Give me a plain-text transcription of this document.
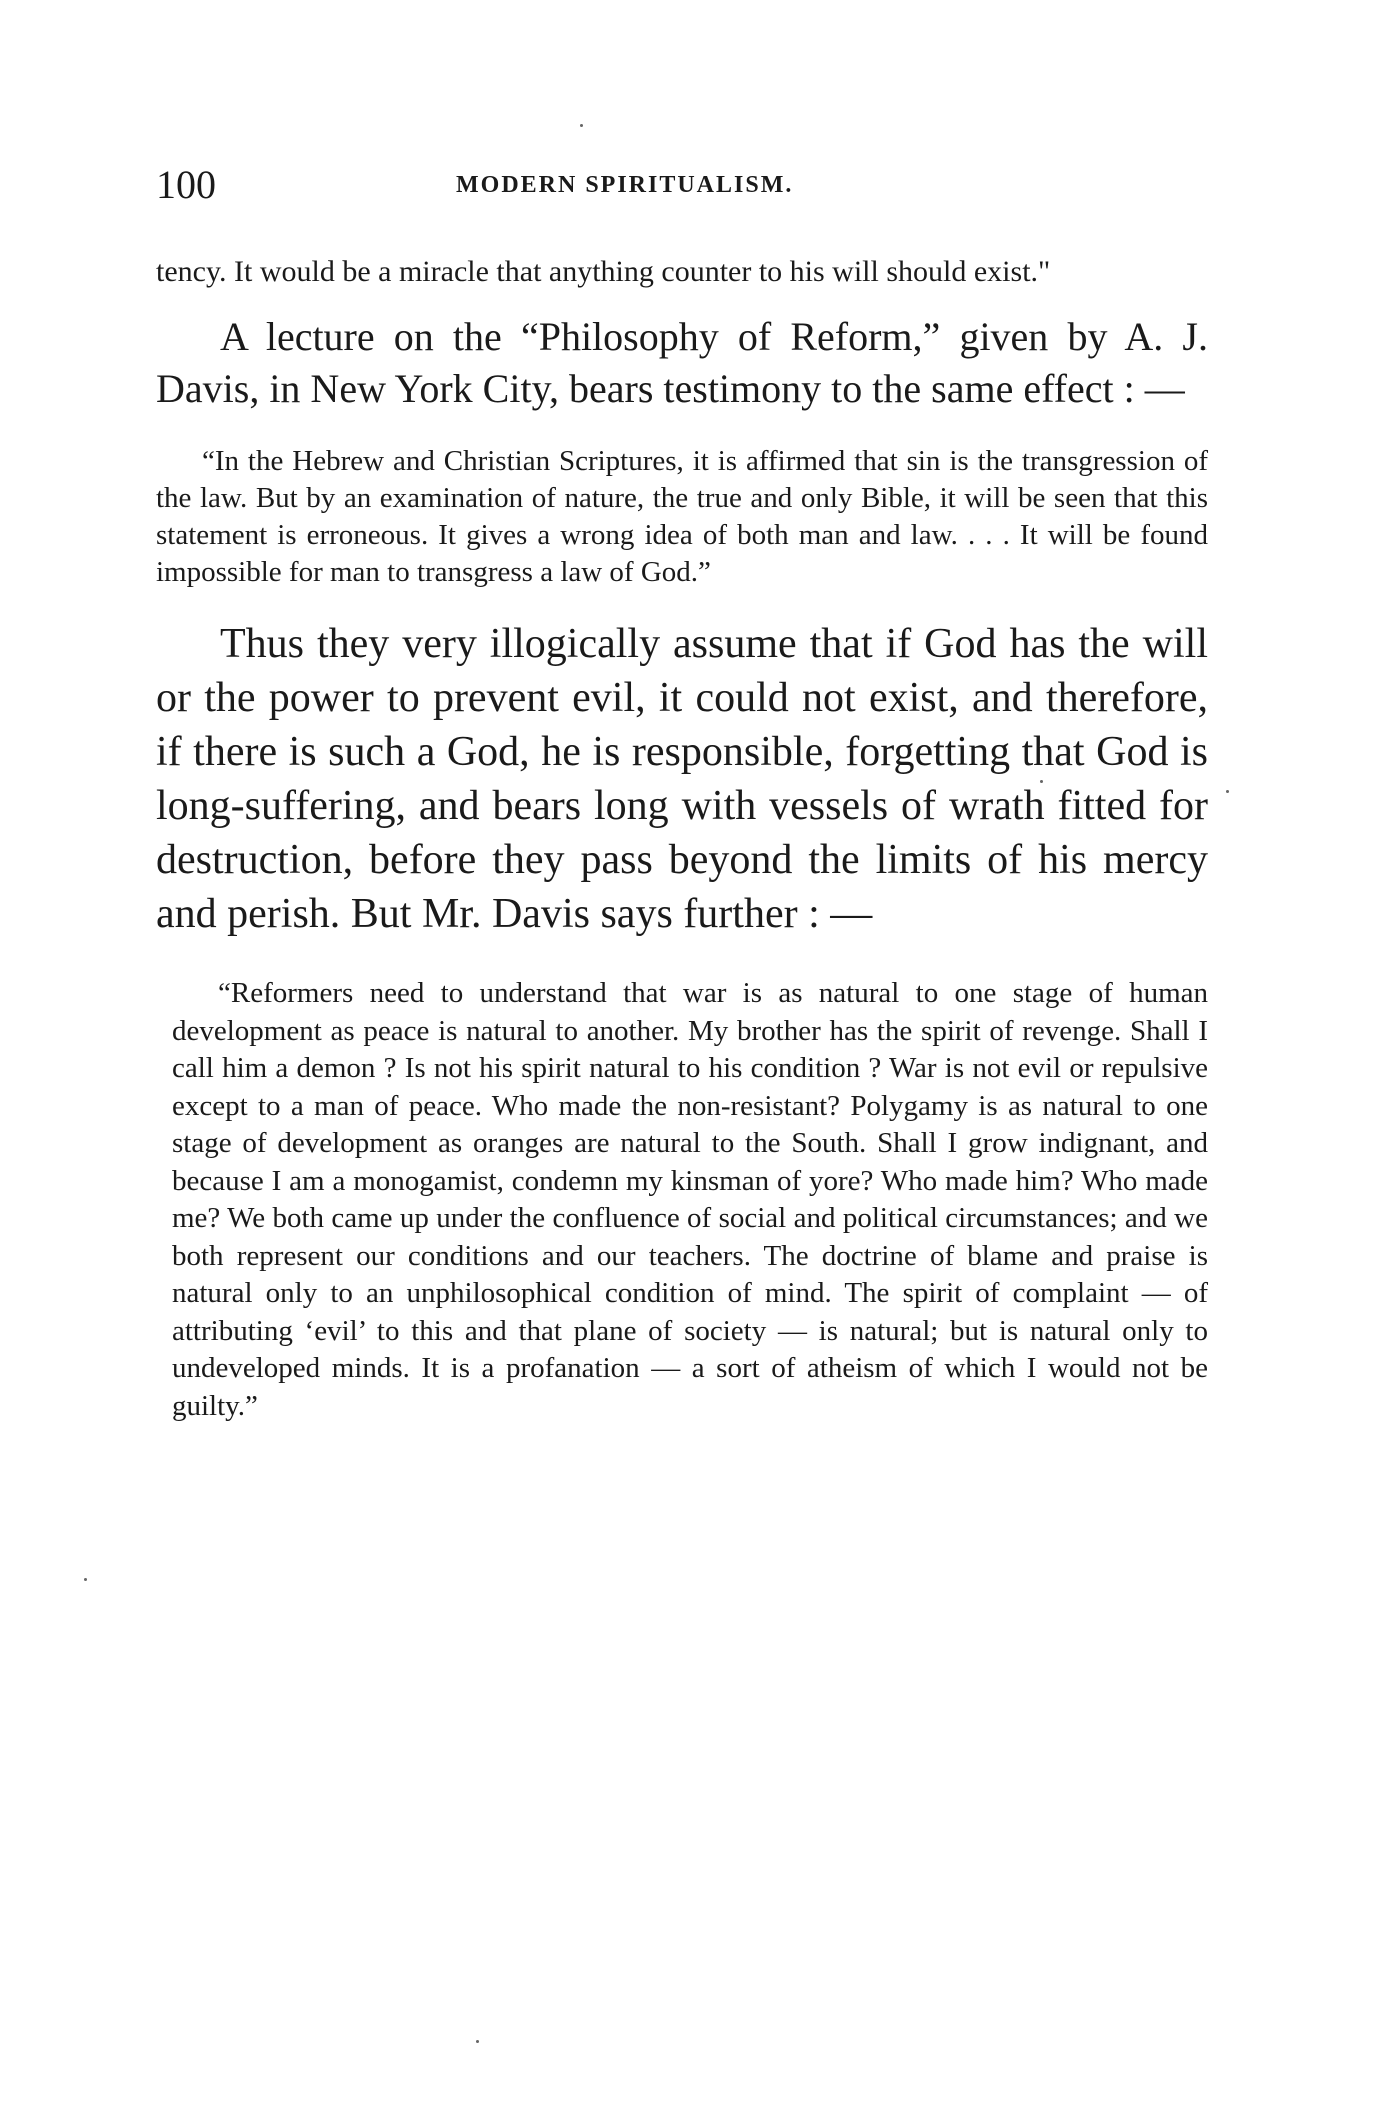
100	MODERN SPIRITUALISM.

tency. It would be a miracle that anything counter to his will should exist."

A lecture on the “Philosophy of Reform,” given by A. J. Davis, in New York City, bears testimony to the same effect : —

“In the Hebrew and Christian Scriptures, it is affirmed that sin is the transgression of the law. But by an examination of nature, the true and only Bible, it will be seen that this statement is erroneous. It gives a wrong idea of both man and law. . . . It will be found impossible for man to transgress a law of God.”

Thus they very illogically assume that if God has the will or the power to prevent evil, it could not exist, and therefore, if there is such a God, he is responsible, forgetting that God is long-suffering, and bears long with vessels of wrath fitted for destruction, before they pass beyond the limits of his mercy and perish. But Mr. Davis says further : —

“Reformers need to understand that war is as natural to one stage of human development as peace is natural to another. My brother has the spirit of revenge. Shall I call him a demon ? Is not his spirit natural to his condition ? War is not evil or repulsive except to a man of peace. Who made the non-resistant? Polygamy is as natural to one stage of development as oranges are natural to the South. Shall I grow indignant, and because I am a monogamist, condemn my kinsman of yore? Who made him? Who made me? We both came up under the confluence of social and political circumstances; and we both represent our conditions and our teachers. The doctrine of blame and praise is natural only to an unphilosophical condition of mind. The spirit of complaint — of attributing ‘evil’ to this and that plane of society — is natural; but is natural only to undeveloped minds. It is a profanation — a sort of atheism of which I would not be guilty.”
